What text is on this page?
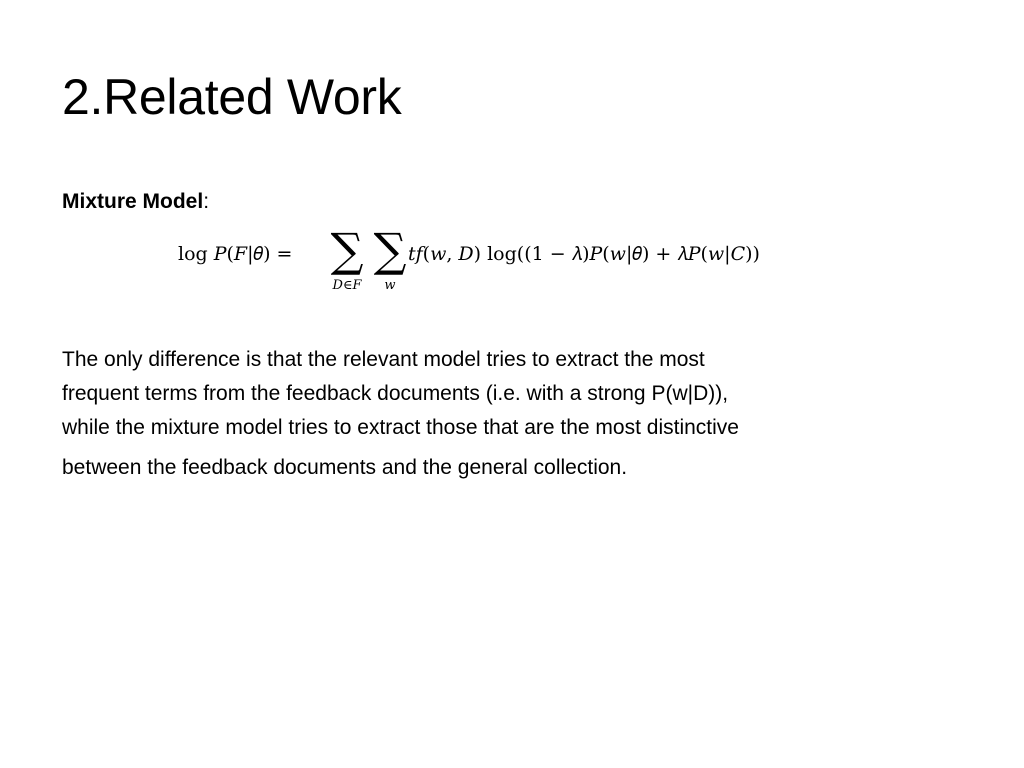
2.Related Work
Mixture Model:
log 𝑃(𝐹|𝜃) = ∑
𝐷∈𝐹
∑
𝑤
𝑡𝑓(𝑤, 𝐷) log((1 − 𝜆)𝑃(𝑤|𝜃) + 𝜆𝑃(𝑤|𝐶))
The only difference is that the relevant model tries to extract the most
frequent terms from the feedback documents (i.e. with a strong P(w|D)),
while the mixture model tries to extract those that are the most distinctive
between the feedback documents and the general collection.
